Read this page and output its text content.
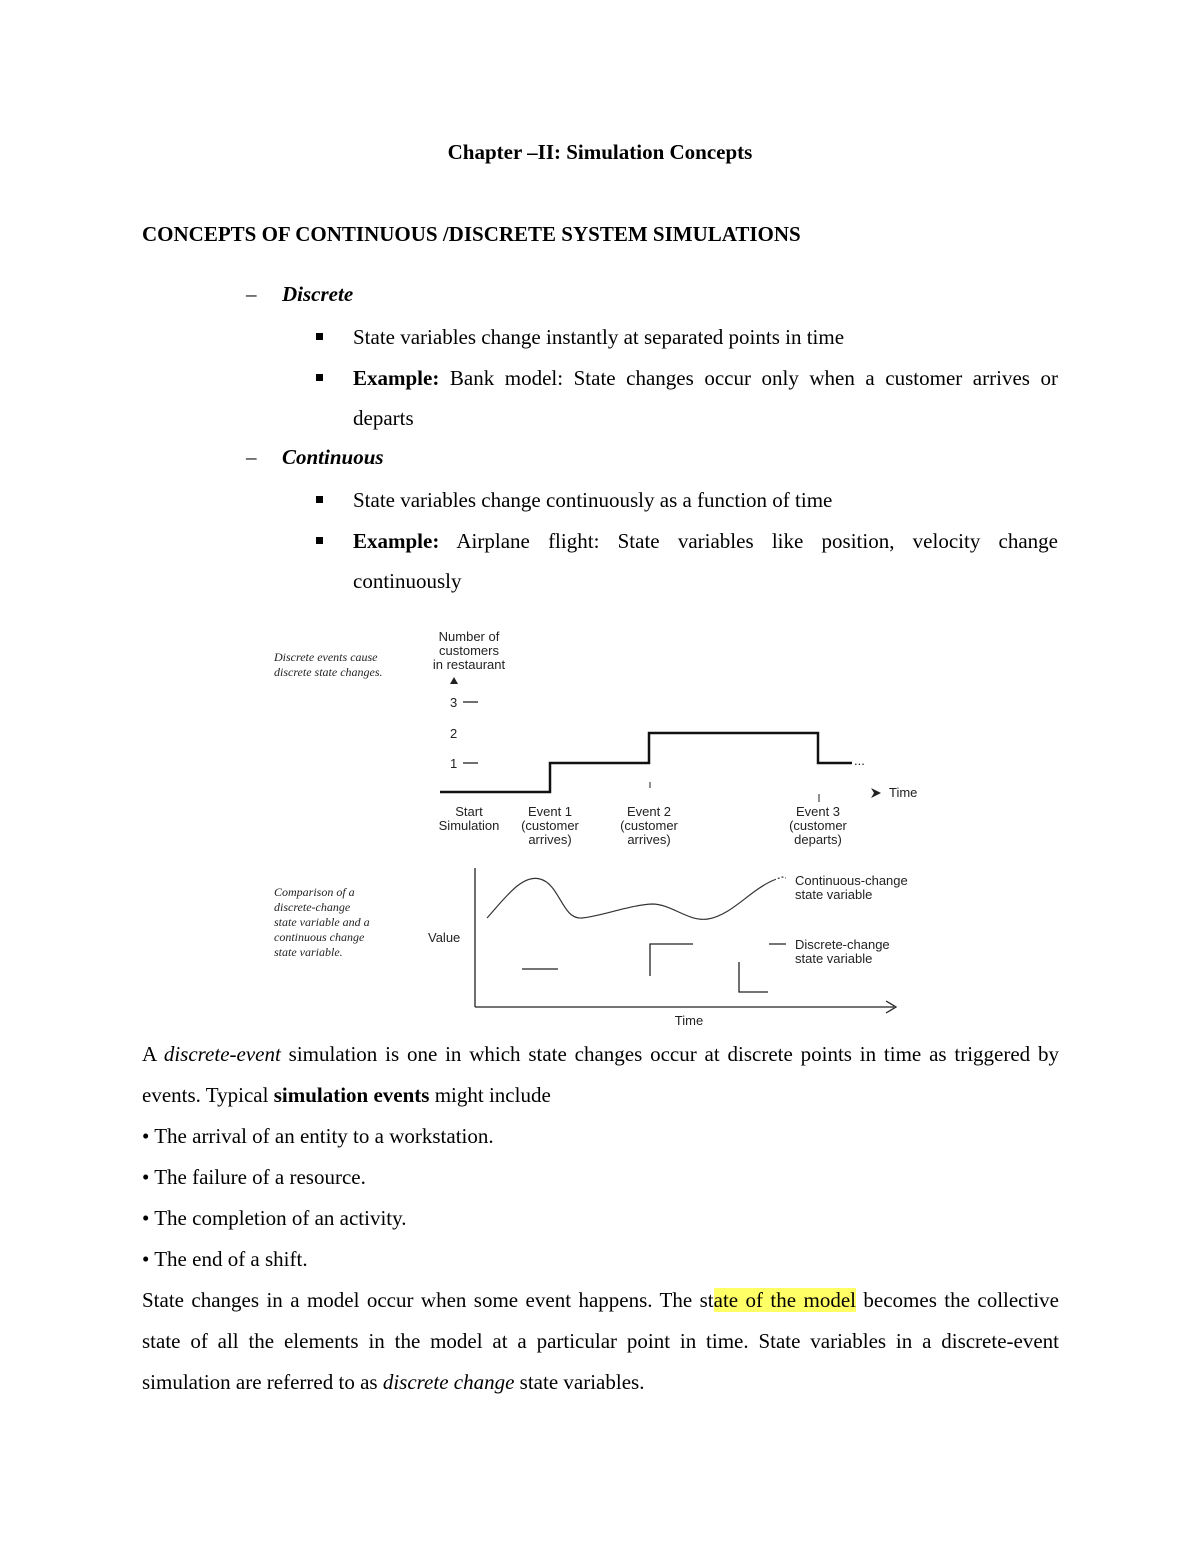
Chapter –II: Simulation Concepts
CONCEPTS OF CONTINUOUS /DISCRETE SYSTEM SIMULATIONS
– Discrete
State variables change instantly at separated points in time
Example: Bank model: State changes occur only when a customer arrives or departs
– Continuous
State variables change continuously as a function of time
Example: Airplane flight: State variables like position, velocity change continuously
Discrete events cause
discrete state changes.
Number of
customers
in restaurant
3
2
1	...
Time
Start
Simulation
Event 1
(customer
arrives)
Event 2
(customer
arrives)
Event 3
(customer
departs)
Comparison of a
discrete-change
state variable and a
continuous change
state variable.
Value
Time
Continuous-change
state variable
Discrete-change
state variable
A discrete-event simulation is one in which state changes occur at discrete points in time as triggered by events. Typical simulation events might include
• The arrival of an entity to a workstation.
• The failure of a resource.
• The completion of an activity.
• The end of a shift.
State changes in a model occur when some event happens. The state of the model becomes the collective state of all the elements in the model at a particular point in time. State variables in a discrete-event simulation are referred to as discrete change state variables.
